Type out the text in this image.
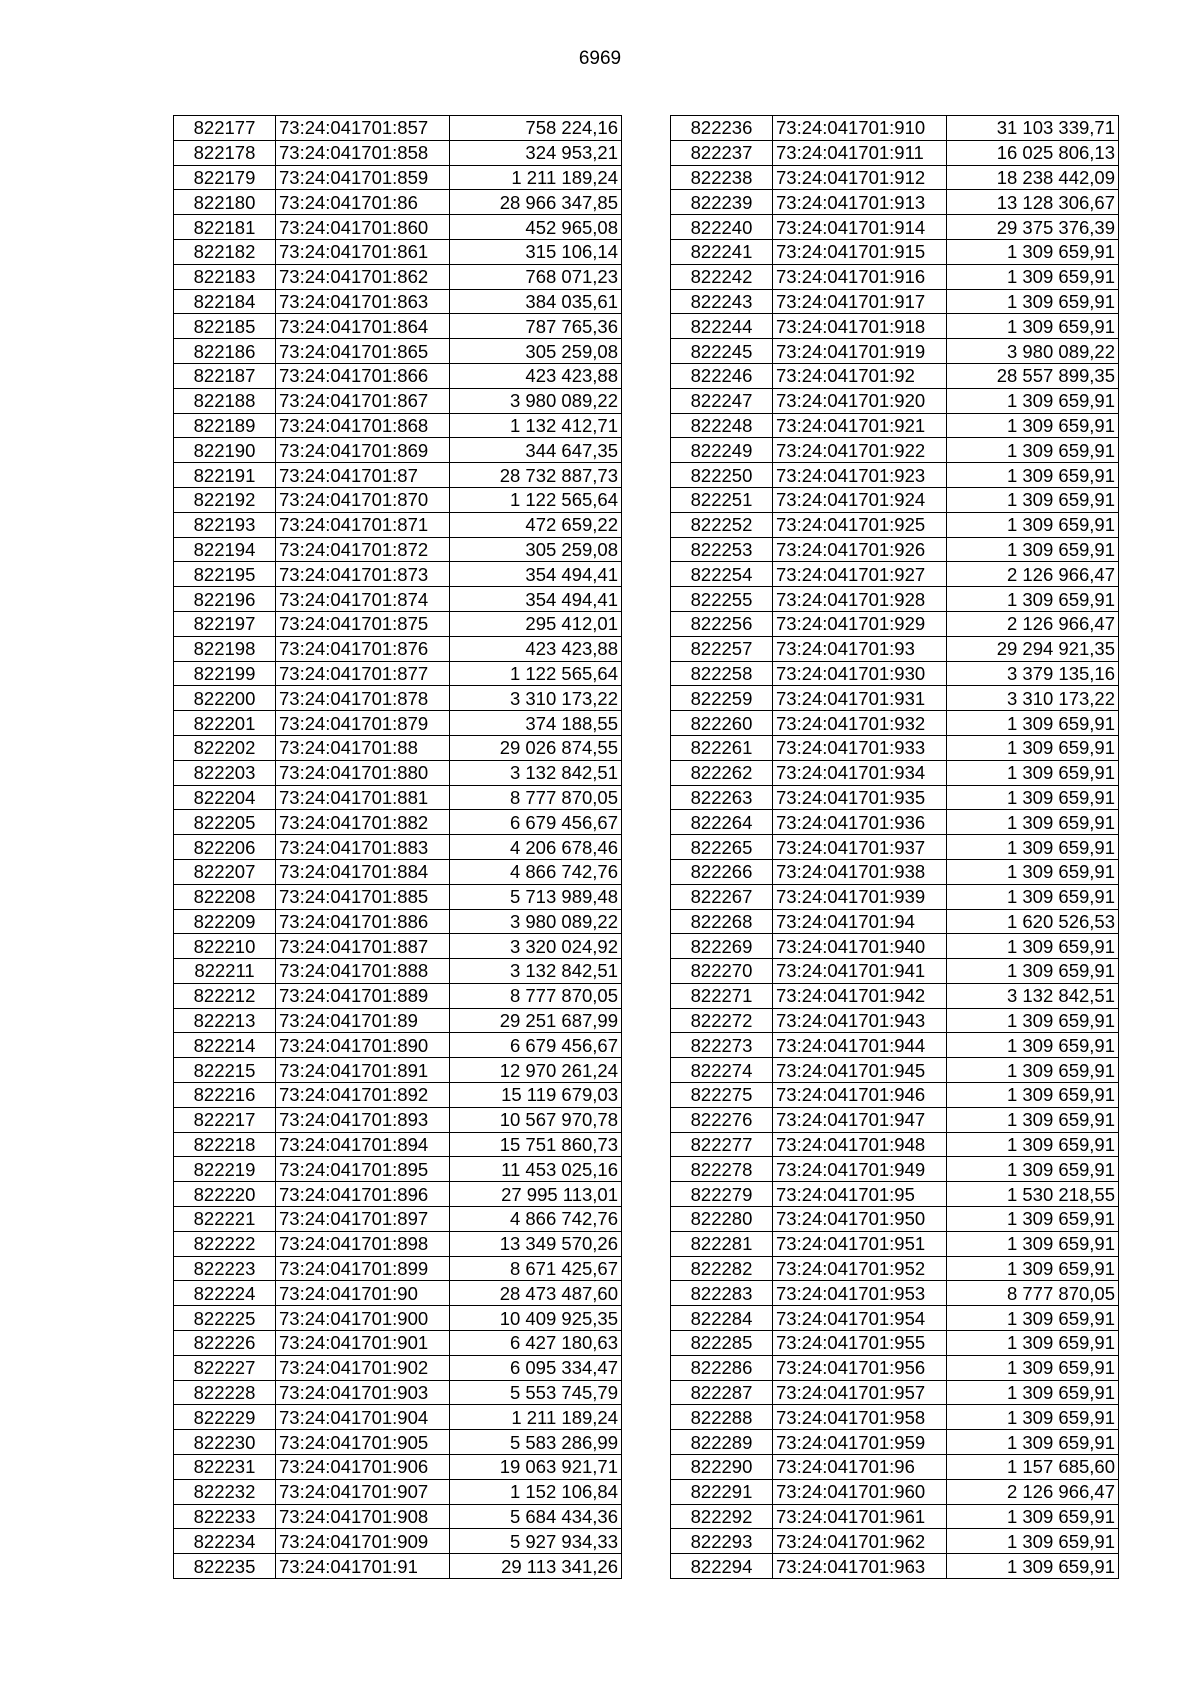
6969
822177	73:24:041701:857	758 224,16
822178	73:24:041701:858	324 953,21
822179	73:24:041701:859	1 211 189,24
822180	73:24:041701:86	28 966 347,85
822181	73:24:041701:860	452 965,08
822182	73:24:041701:861	315 106,14
822183	73:24:041701:862	768 071,23
822184	73:24:041701:863	384 035,61
822185	73:24:041701:864	787 765,36
822186	73:24:041701:865	305 259,08
822187	73:24:041701:866	423 423,88
822188	73:24:041701:867	3 980 089,22
822189	73:24:041701:868	1 132 412,71
822190	73:24:041701:869	344 647,35
822191	73:24:041701:87	28 732 887,73
822192	73:24:041701:870	1 122 565,64
822193	73:24:041701:871	472 659,22
822194	73:24:041701:872	305 259,08
822195	73:24:041701:873	354 494,41
822196	73:24:041701:874	354 494,41
822197	73:24:041701:875	295 412,01
822198	73:24:041701:876	423 423,88
822199	73:24:041701:877	1 122 565,64
822200	73:24:041701:878	3 310 173,22
822201	73:24:041701:879	374 188,55
822202	73:24:041701:88	29 026 874,55
822203	73:24:041701:880	3 132 842,51
822204	73:24:041701:881	8 777 870,05
822205	73:24:041701:882	6 679 456,67
822206	73:24:041701:883	4 206 678,46
822207	73:24:041701:884	4 866 742,76
822208	73:24:041701:885	5 713 989,48
822209	73:24:041701:886	3 980 089,22
822210	73:24:041701:887	3 320 024,92
822211	73:24:041701:888	3 132 842,51
822212	73:24:041701:889	8 777 870,05
822213	73:24:041701:89	29 251 687,99
822214	73:24:041701:890	6 679 456,67
822215	73:24:041701:891	12 970 261,24
822216	73:24:041701:892	15 119 679,03
822217	73:24:041701:893	10 567 970,78
822218	73:24:041701:894	15 751 860,73
822219	73:24:041701:895	11 453 025,16
822220	73:24:041701:896	27 995 113,01
822221	73:24:041701:897	4 866 742,76
822222	73:24:041701:898	13 349 570,26
822223	73:24:041701:899	8 671 425,67
822224	73:24:041701:90	28 473 487,60
822225	73:24:041701:900	10 409 925,35
822226	73:24:041701:901	6 427 180,63
822227	73:24:041701:902	6 095 334,47
822228	73:24:041701:903	5 553 745,79
822229	73:24:041701:904	1 211 189,24
822230	73:24:041701:905	5 583 286,99
822231	73:24:041701:906	19 063 921,71
822232	73:24:041701:907	1 152 106,84
822233	73:24:041701:908	5 684 434,36
822234	73:24:041701:909	5 927 934,33
822235	73:24:041701:91	29 113 341,26
822236	73:24:041701:910	31 103 339,71
822237	73:24:041701:911	16 025 806,13
822238	73:24:041701:912	18 238 442,09
822239	73:24:041701:913	13 128 306,67
822240	73:24:041701:914	29 375 376,39
822241	73:24:041701:915	1 309 659,91
822242	73:24:041701:916	1 309 659,91
822243	73:24:041701:917	1 309 659,91
822244	73:24:041701:918	1 309 659,91
822245	73:24:041701:919	3 980 089,22
822246	73:24:041701:92	28 557 899,35
822247	73:24:041701:920	1 309 659,91
822248	73:24:041701:921	1 309 659,91
822249	73:24:041701:922	1 309 659,91
822250	73:24:041701:923	1 309 659,91
822251	73:24:041701:924	1 309 659,91
822252	73:24:041701:925	1 309 659,91
822253	73:24:041701:926	1 309 659,91
822254	73:24:041701:927	2 126 966,47
822255	73:24:041701:928	1 309 659,91
822256	73:24:041701:929	2 126 966,47
822257	73:24:041701:93	29 294 921,35
822258	73:24:041701:930	3 379 135,16
822259	73:24:041701:931	3 310 173,22
822260	73:24:041701:932	1 309 659,91
822261	73:24:041701:933	1 309 659,91
822262	73:24:041701:934	1 309 659,91
822263	73:24:041701:935	1 309 659,91
822264	73:24:041701:936	1 309 659,91
822265	73:24:041701:937	1 309 659,91
822266	73:24:041701:938	1 309 659,91
822267	73:24:041701:939	1 309 659,91
822268	73:24:041701:94	1 620 526,53
822269	73:24:041701:940	1 309 659,91
822270	73:24:041701:941	1 309 659,91
822271	73:24:041701:942	3 132 842,51
822272	73:24:041701:943	1 309 659,91
822273	73:24:041701:944	1 309 659,91
822274	73:24:041701:945	1 309 659,91
822275	73:24:041701:946	1 309 659,91
822276	73:24:041701:947	1 309 659,91
822277	73:24:041701:948	1 309 659,91
822278	73:24:041701:949	1 309 659,91
822279	73:24:041701:95	1 530 218,55
822280	73:24:041701:950	1 309 659,91
822281	73:24:041701:951	1 309 659,91
822282	73:24:041701:952	1 309 659,91
822283	73:24:041701:953	8 777 870,05
822284	73:24:041701:954	1 309 659,91
822285	73:24:041701:955	1 309 659,91
822286	73:24:041701:956	1 309 659,91
822287	73:24:041701:957	1 309 659,91
822288	73:24:041701:958	1 309 659,91
822289	73:24:041701:959	1 309 659,91
822290	73:24:041701:96	1 157 685,60
822291	73:24:041701:960	2 126 966,47
822292	73:24:041701:961	1 309 659,91
822293	73:24:041701:962	1 309 659,91
822294	73:24:041701:963	1 309 659,91
